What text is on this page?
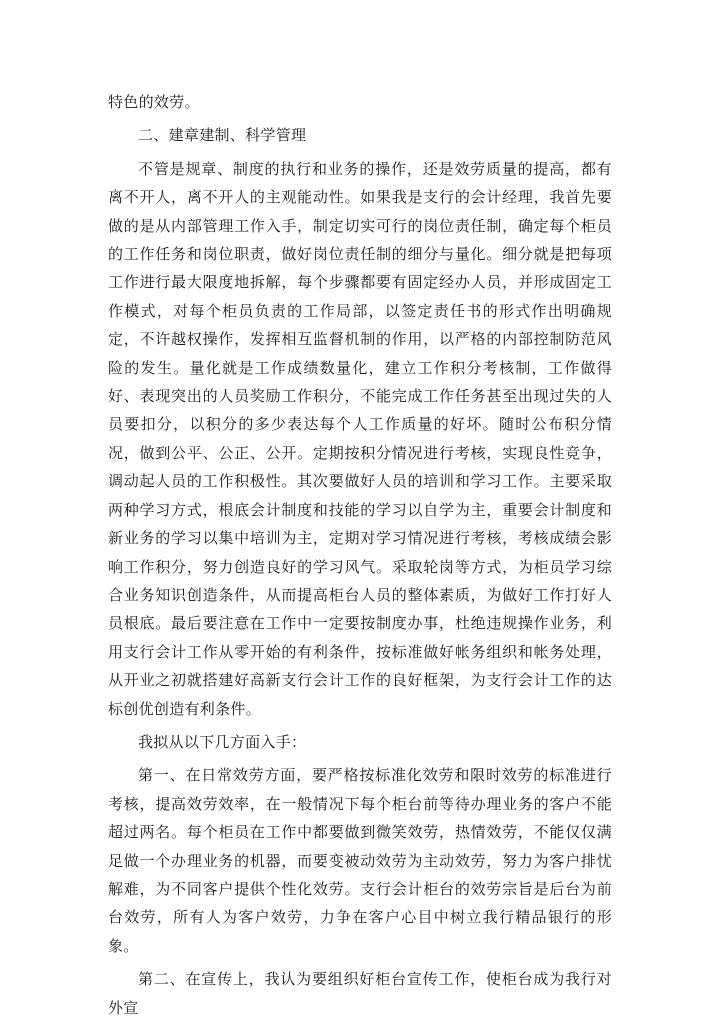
特色的效劳。

二、建章建制、科学管理

不管是规章、制度的执行和业务的操作，还是效劳质量的提高，都有离不开人，离不开人的主观能动性。如果我是支行的会计经理，我首先要做的是从内部管理工作入手，制定切实可行的岗位责任制，确定每个柜员的工作任务和岗位职责，做好岗位责任制的细分与量化。细分就是把每项工作进行最大限度地拆解，每个步骤都要有固定经办人员，并形成固定工作模式，对每个柜员负责的工作局部，以签定责任书的形式作出明确规定，不许越权操作，发挥相互监督机制的作用，以严格的内部控制防范风险的发生。量化就是工作成绩数量化，建立工作积分考核制，工作做得好、表现突出的人员奖励工作积分，不能完成工作任务甚至出现过失的人员要扣分，以积分的多少表达每个人工作质量的好坏。随时公布积分情况，做到公平、公正、公开。定期按积分情况进行考核，实现良性竞争，调动起人员的工作积极性。其次要做好人员的培训和学习工作。主要采取两种学习方式，根底会计制度和技能的学习以自学为主，重要会计制度和新业务的学习以集中培训为主，定期对学习情况进行考核，考核成绩会影响工作积分，努力创造良好的学习风气。采取轮岗等方式，为柜员学习综合业务知识创造条件，从而提高柜台人员的整体素质，为做好工作打好人员根底。最后要注意在工作中一定要按制度办事，杜绝违规操作业务，利用支行会计工作从零开始的有利条件，按标准做好帐务组织和帐务处理，从开业之初就搭建好高新支行会计工作的良好框架，为支行会计工作的达标创优创造有利条件。

我拟从以下几方面入手：

第一、在日常效劳方面，要严格按标准化效劳和限时效劳的标准进行考核，提高效劳效率，在一般情况下每个柜台前等待办理业务的客户不能超过两名。每个柜员在工作中都要做到微笑效劳，热情效劳，不能仅仅满足做一个办理业务的机器，而要变被动效劳为主动效劳，努力为客户排忧解难，为不同客户提供个性化效劳。支行会计柜台的效劳宗旨是后台为前台效劳，所有人为客户效劳，力争在客户心目中树立我行精品银行的形象。

第二、在宣传上，我认为要组织好柜台宣传工作，使柜台成为我行对外宣
